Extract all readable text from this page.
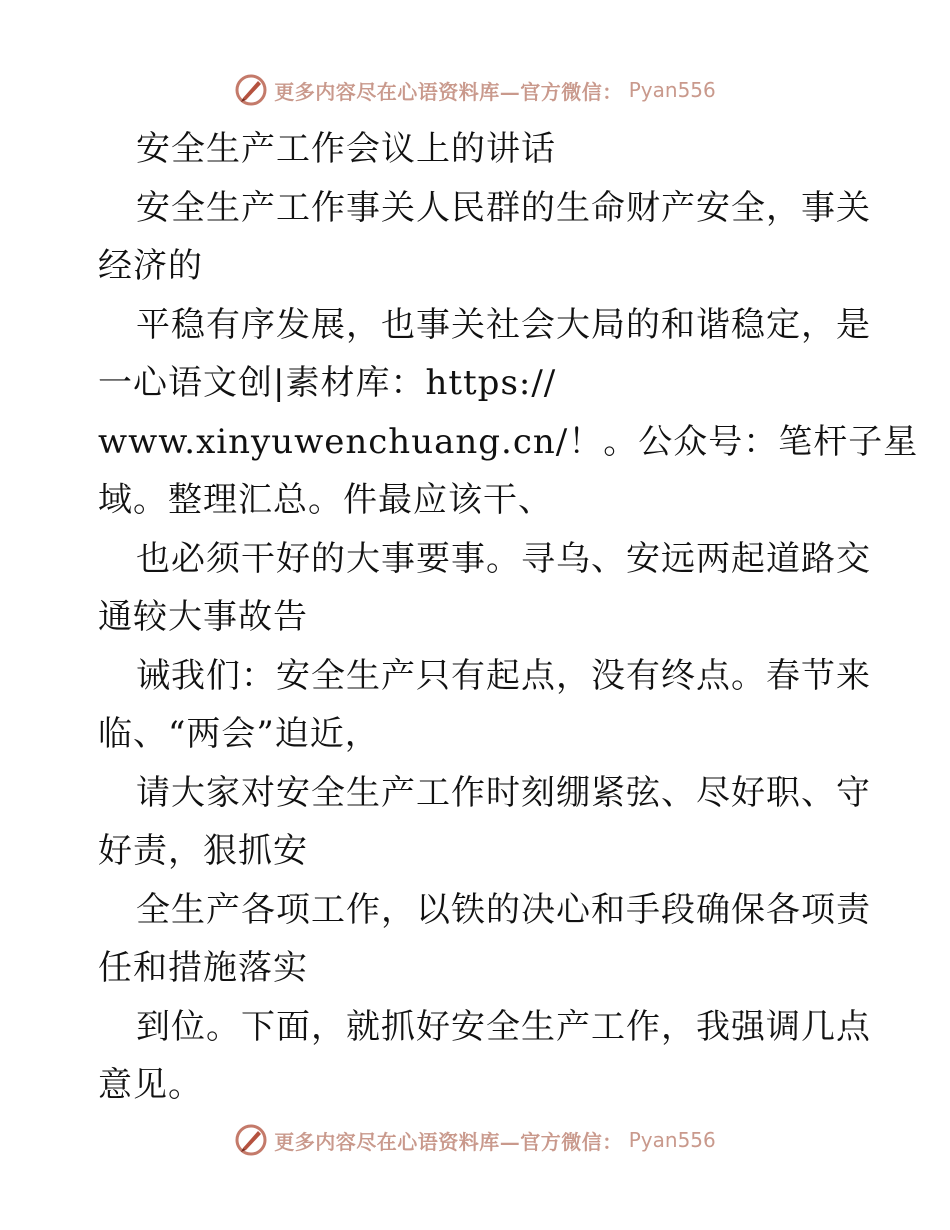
更多内容尽在心语资料库—官方微信： Pyan556
安全生产工作会议上的讲话
安全生产工作事关人民群的生命财产安全，事关
经济的
平稳有序发展，也事关社会大局的和谐稳定，是
一心语文创|素材库：https://
www.xinyuwenchuang.cn/！。公众号：笔杆子星
域。整理汇总。件最应该干、
也必须干好的大事要事。寻乌、安远两起道路交
通较大事故告
诫我们：安全生产只有起点，没有终点。春节来
临、“两会”迫近，
请大家对安全生产工作时刻绷紧弦、尽好职、守
好责，狠抓安
全生产各项工作，以铁的决心和手段确保各项责
任和措施落实
到位。下面，就抓好安全生产工作，我强调几点
意见。
更多内容尽在心语资料库—官方微信： Pyan556
